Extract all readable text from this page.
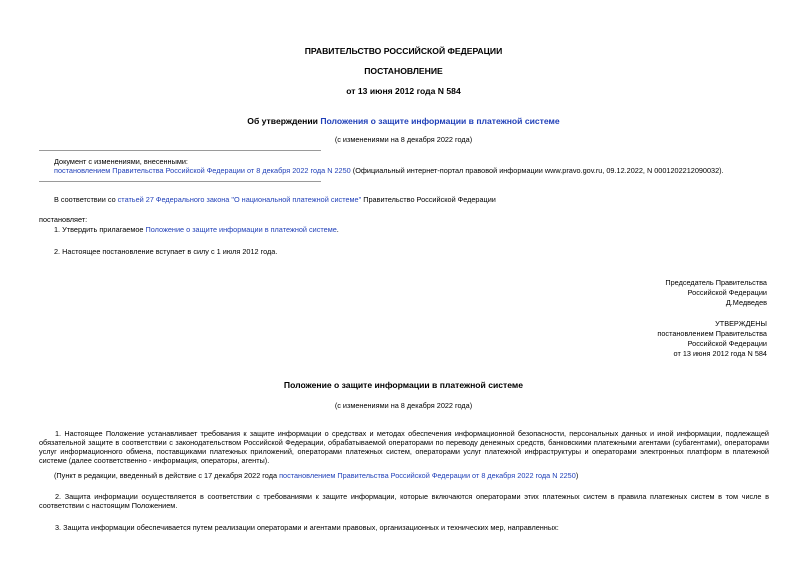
ПРАВИТЕЛЬСТВО РОССИЙСКОЙ ФЕДЕРАЦИИ
ПОСТАНОВЛЕНИЕ
от 13 июня 2012 года N 584
Об утверждении Положения о защите информации в платежной системе
(с изменениями на 8 декабря 2022 года)
Документ с изменениями, внесенными:
постановлением Правительства Российской Федерации от 8 декабря 2022 года N 2250 (Официальный интернет-портал правовой информации www.pravo.gov.ru, 09.12.2022, N 0001202212090032).
В соответствии со статьей 27 Федерального закона "О национальной платежной системе" Правительство Российской Федерации
постановляет:
1. Утвердить прилагаемое Положение о защите информации в платежной системе.
2. Настоящее постановление вступает в силу с 1 июля 2012 года.
Председатель Правительства
Российской Федерации
Д.Медведев
УТВЕРЖДЕНЫ
постановлением Правительства
Российской Федерации
от 13 июня 2012 года N 584
Положение о защите информации в платежной системе
(с изменениями на 8 декабря 2022 года)
1. Настоящее Положение устанавливает требования к защите информации о средствах и методах обеспечения информационной безопасности, персональных данных и иной информации, подлежащей обязательной защите в соответствии с законодательством Российской Федерации, обрабатываемой операторами по переводу денежных средств, банковскими платежными агентами (субагентами), операторами услуг информационного обмена, поставщиками платежных приложений, операторами платежных систем, операторами услуг платежной инфраструктуры и операторами электронных платформ в платежной системе (далее соответственно - информация, операторы, агенты).
(Пункт в редакции, введенный в действие с 17 декабря 2022 года постановлением Правительства Российской Федерации от 8 декабря 2022 года N 2250)
2. Защита информации осуществляется в соответствии с требованиями к защите информации, которые включаются операторами этих платежных систем в правила платежных систем в том числе в соответствии с настоящим Положением.
3. Защита информации обеспечивается путем реализации операторами и агентами правовых, организационных и технических мер, направленных:
